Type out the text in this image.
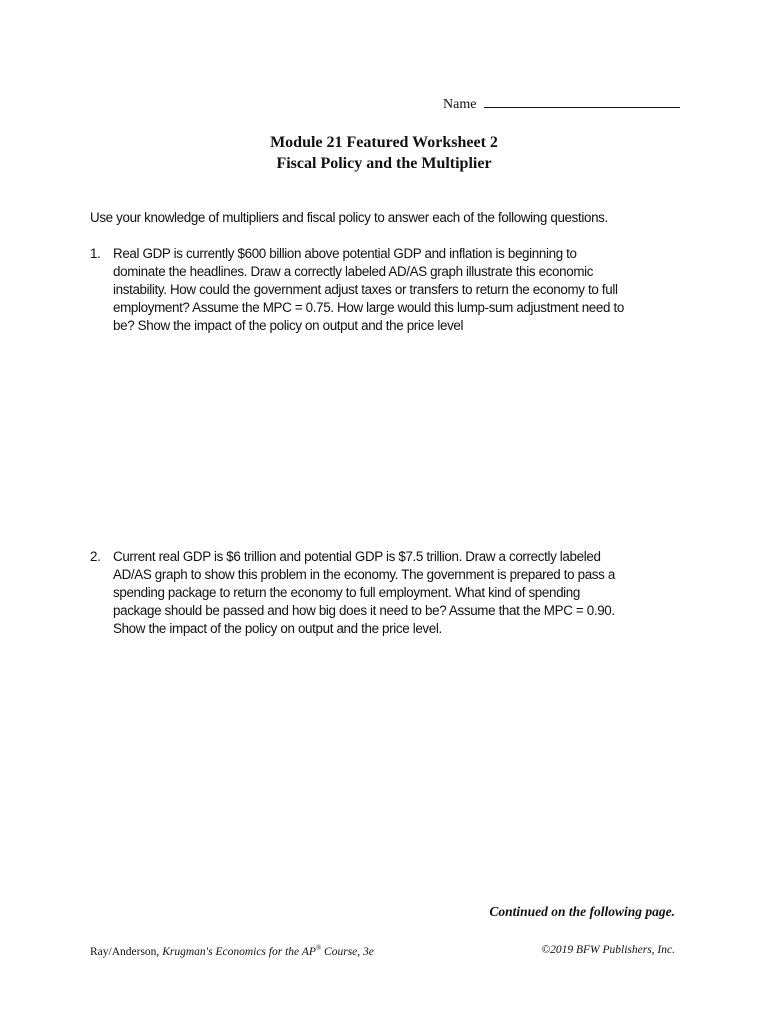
Name
Module 21 Featured Worksheet 2
Fiscal Policy and the Multiplier
Use your knowledge of multipliers and fiscal policy to answer each of the following questions.
1. Real GDP is currently $600 billion above potential GDP and inflation is beginning to
dominate the headlines. Draw a correctly labeled AD/AS graph illustrate this economic
instability. How could the government adjust taxes or transfers to return the economy to full
employment? Assume the MPC = 0.75. How large would this lump-sum adjustment need to
be? Show the impact of the policy on output and the price level
2. Current real GDP is $6 trillion and potential GDP is $7.5 trillion. Draw a correctly labeled
AD/AS graph to show this problem in the economy. The government is prepared to pass a
spending package to return the economy to full employment. What kind of spending
package should be passed and how big does it need to be? Assume that the MPC = 0.90.
Show the impact of the policy on output and the price level.
Continued on the following page.
Ray/Anderson, Krugman's Economics for the AP® Course, 3e	©2019 BFW Publishers, Inc.
